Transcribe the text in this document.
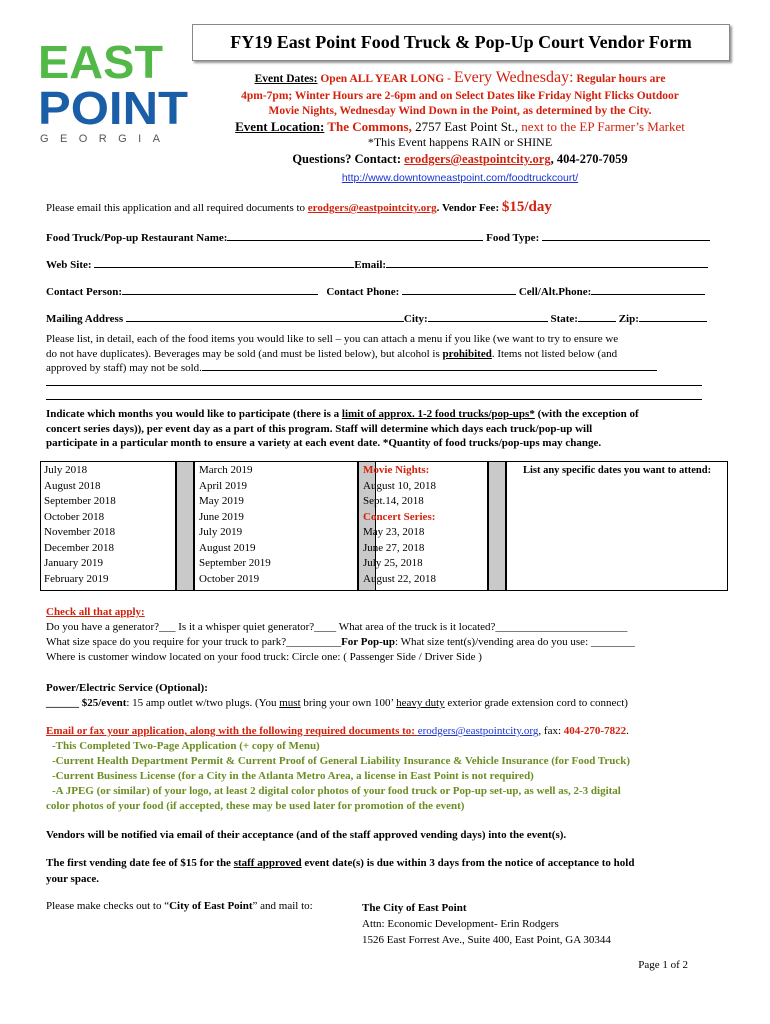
EAST
POINT
GEORGIA
FY19 East Point Food Truck & Pop-Up Court Vendor Form
Event Dates: Open ALL YEAR LONG - Every Wednesday: Regular hours are
4pm-7pm; Winter Hours are 2-6pm and on Select Dates like Friday Night Flicks Outdoor
Movie Nights, Wednesday Wind Down in the Point, as determined by the City.
Event Location: The Commons, 2757 East Point St., next to the EP Farmer’s Market
*This Event happens RAIN or SHINE
Questions? Contact: erodgers@eastpointcity.org, 404-270-7059
http://www.downtowneastpoint.com/foodtruckcourt/
Please email this application and all required documents to erodgers@eastpointcity.org. Vendor Fee: $15/day
Food Truck/Pop-up Restaurant Name:	Food Type:
Web Site:	Email:
Contact Person:	Contact Phone:	Cell/Alt.Phone:
Mailing Address	City:	State:	Zip:
Please list, in detail, each of the food items you would like to sell – you can attach a menu if you like (we want to try to ensure we
do not have duplicates). Beverages may be sold (and must be listed below), but alcohol is prohibited. Items not listed below (and
approved by staff) may not be sold.
Indicate which months you would like to participate (there is a limit of approx. 1-2 food trucks/pop-ups* (with the exception of
concert series days)), per event day as a part of this program. Staff will determine which days each truck/pop-up will
participate in a particular month to ensure a variety at each event date. *Quantity of food trucks/pop-ups may change.
July 2018
August 2018
September 2018
October 2018
November 2018
December 2018
January 2019
February 2019
March 2019
April 2019
May 2019
June 2019
July 2019
August 2019
September 2019
October 2019
Movie Nights:
August 10, 2018
Sept.14, 2018
Concert Series:
May 23, 2018
June 27, 2018
July 25, 2018
August 22, 2018
List any specific dates you want to attend:
Check all that apply:
Do you have a generator?___ Is it a whisper quiet generator?____ What area of the truck is it located?________________________
What size space do you require for your truck to park?__________For Pop-up: What size tent(s)/vending area do you use: ________
Where is customer window located on your food truck: Circle one: ( Passenger Side / Driver Side )
Power/Electric Service (Optional):
______ $25/event: 15 amp outlet w/two plugs. (You must bring your own 100’ heavy duty exterior grade extension cord to connect)
Email or fax your application, along with the following required documents to: erodgers@eastpointcity.org, fax: 404-270-7822.
-This Completed Two-Page Application (+ copy of Menu)
-Current Health Department Permit & Current Proof of General Liability Insurance & Vehicle Insurance (for Food Truck)
-Current Business License (for a City in the Atlanta Metro Area, a license in East Point is not required)
-A JPEG (or similar) of your logo, at least 2 digital color photos of your food truck or Pop-up set-up, as well as, 2-3 digital
color photos of your food (if accepted, these may be used later for promotion of the event)
Vendors will be notified via email of their acceptance (and of the staff approved vending days) into the event(s).
The first vending date fee of $15 for the staff approved event date(s) is due within 3 days from the notice of acceptance to hold
your space.
Please make checks out to “City of East Point” and mail to:	The City of East Point
Attn: Economic Development- Erin Rodgers
1526 East Forrest Ave., Suite 400, East Point, GA 30344
Page 1 of 2
